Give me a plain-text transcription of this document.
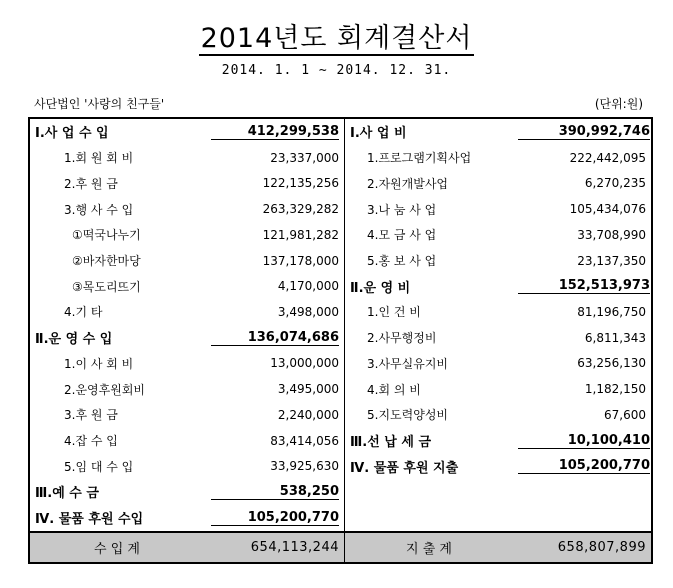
2014년도 회계결산서
2014. 1. 1 ~ 2014. 12. 31.
사단법인 '사랑의 친구들'	(단위:원)
Ⅰ.사 업 수 입	412,299,538	Ⅰ.사 업 비	390,992,746
1.회 원 회 비	23,337,000	1.프로그램기획사업	222,442,095
2.후 원 금	122,135,256	2.자원개발사업	6,270,235
3.행 사 수 입	263,329,282	3.나 눔 사 업	105,434,076
①떡국나누기	121,981,282	4.모 금 사 업	33,708,990
②바자한마당	137,178,000	5.홍 보 사 업	23,137,350
③목도리뜨기	4,170,000	Ⅱ.운 영 비	152,513,973
4.기 타	3,498,000	1.인 건 비	81,196,750
Ⅱ.운 영 수 입	136,074,686	2.사무행정비	6,811,343
1.이 사 회 비	13,000,000	3.사무실유지비	63,256,130
2.운영후원회비	3,495,000	4.회 의 비	1,182,150
3.후 원 금	2,240,000	5.지도력양성비	67,600
4.잡 수 입	83,414,056	Ⅲ.선 납 세 금	10,100,410
5.임 대 수 입	33,925,630	Ⅳ. 물품 후원 지출	105,200,770
Ⅲ.예 수 금	538,250		
Ⅳ. 물품 후원 수입	105,200,770		
수 입 계	654,113,244	지 출 계	658,807,899
